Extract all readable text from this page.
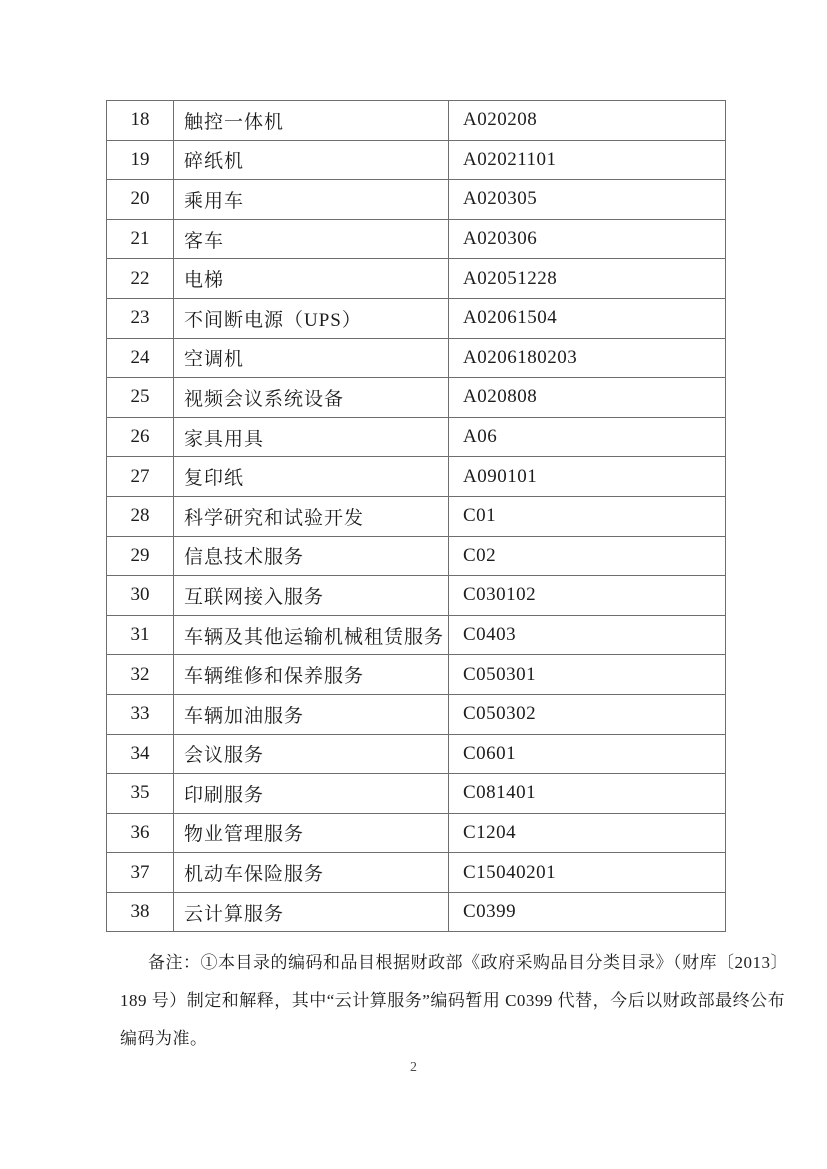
18	触控一体机	A020208
19	碎纸机	A02021101
20	乘用车	A020305
21	客车	A020306
22	电梯	A02051228
23	不间断电源（UPS）	A02061504
24	空调机	A0206180203
25	视频会议系统设备	A020808
26	家具用具	A06
27	复印纸	A090101
28	科学研究和试验开发	C01
29	信息技术服务	C02
30	互联网接入服务	C030102
31	车辆及其他运输机械租赁服务	C0403
32	车辆维修和保养服务	C050301
33	车辆加油服务	C050302
34	会议服务	C0601
35	印刷服务	C081401
36	物业管理服务	C1204
37	机动车保险服务	C15040201
38	云计算服务	C0399
备注：①本目录的编码和品目根据财政部《政府采购品目分类目录》（财库〔2013〕
189 号）制定和解释，其中“云计算服务”编码暂用 C0399 代替，今后以财政部最终公布
编码为准。
2
